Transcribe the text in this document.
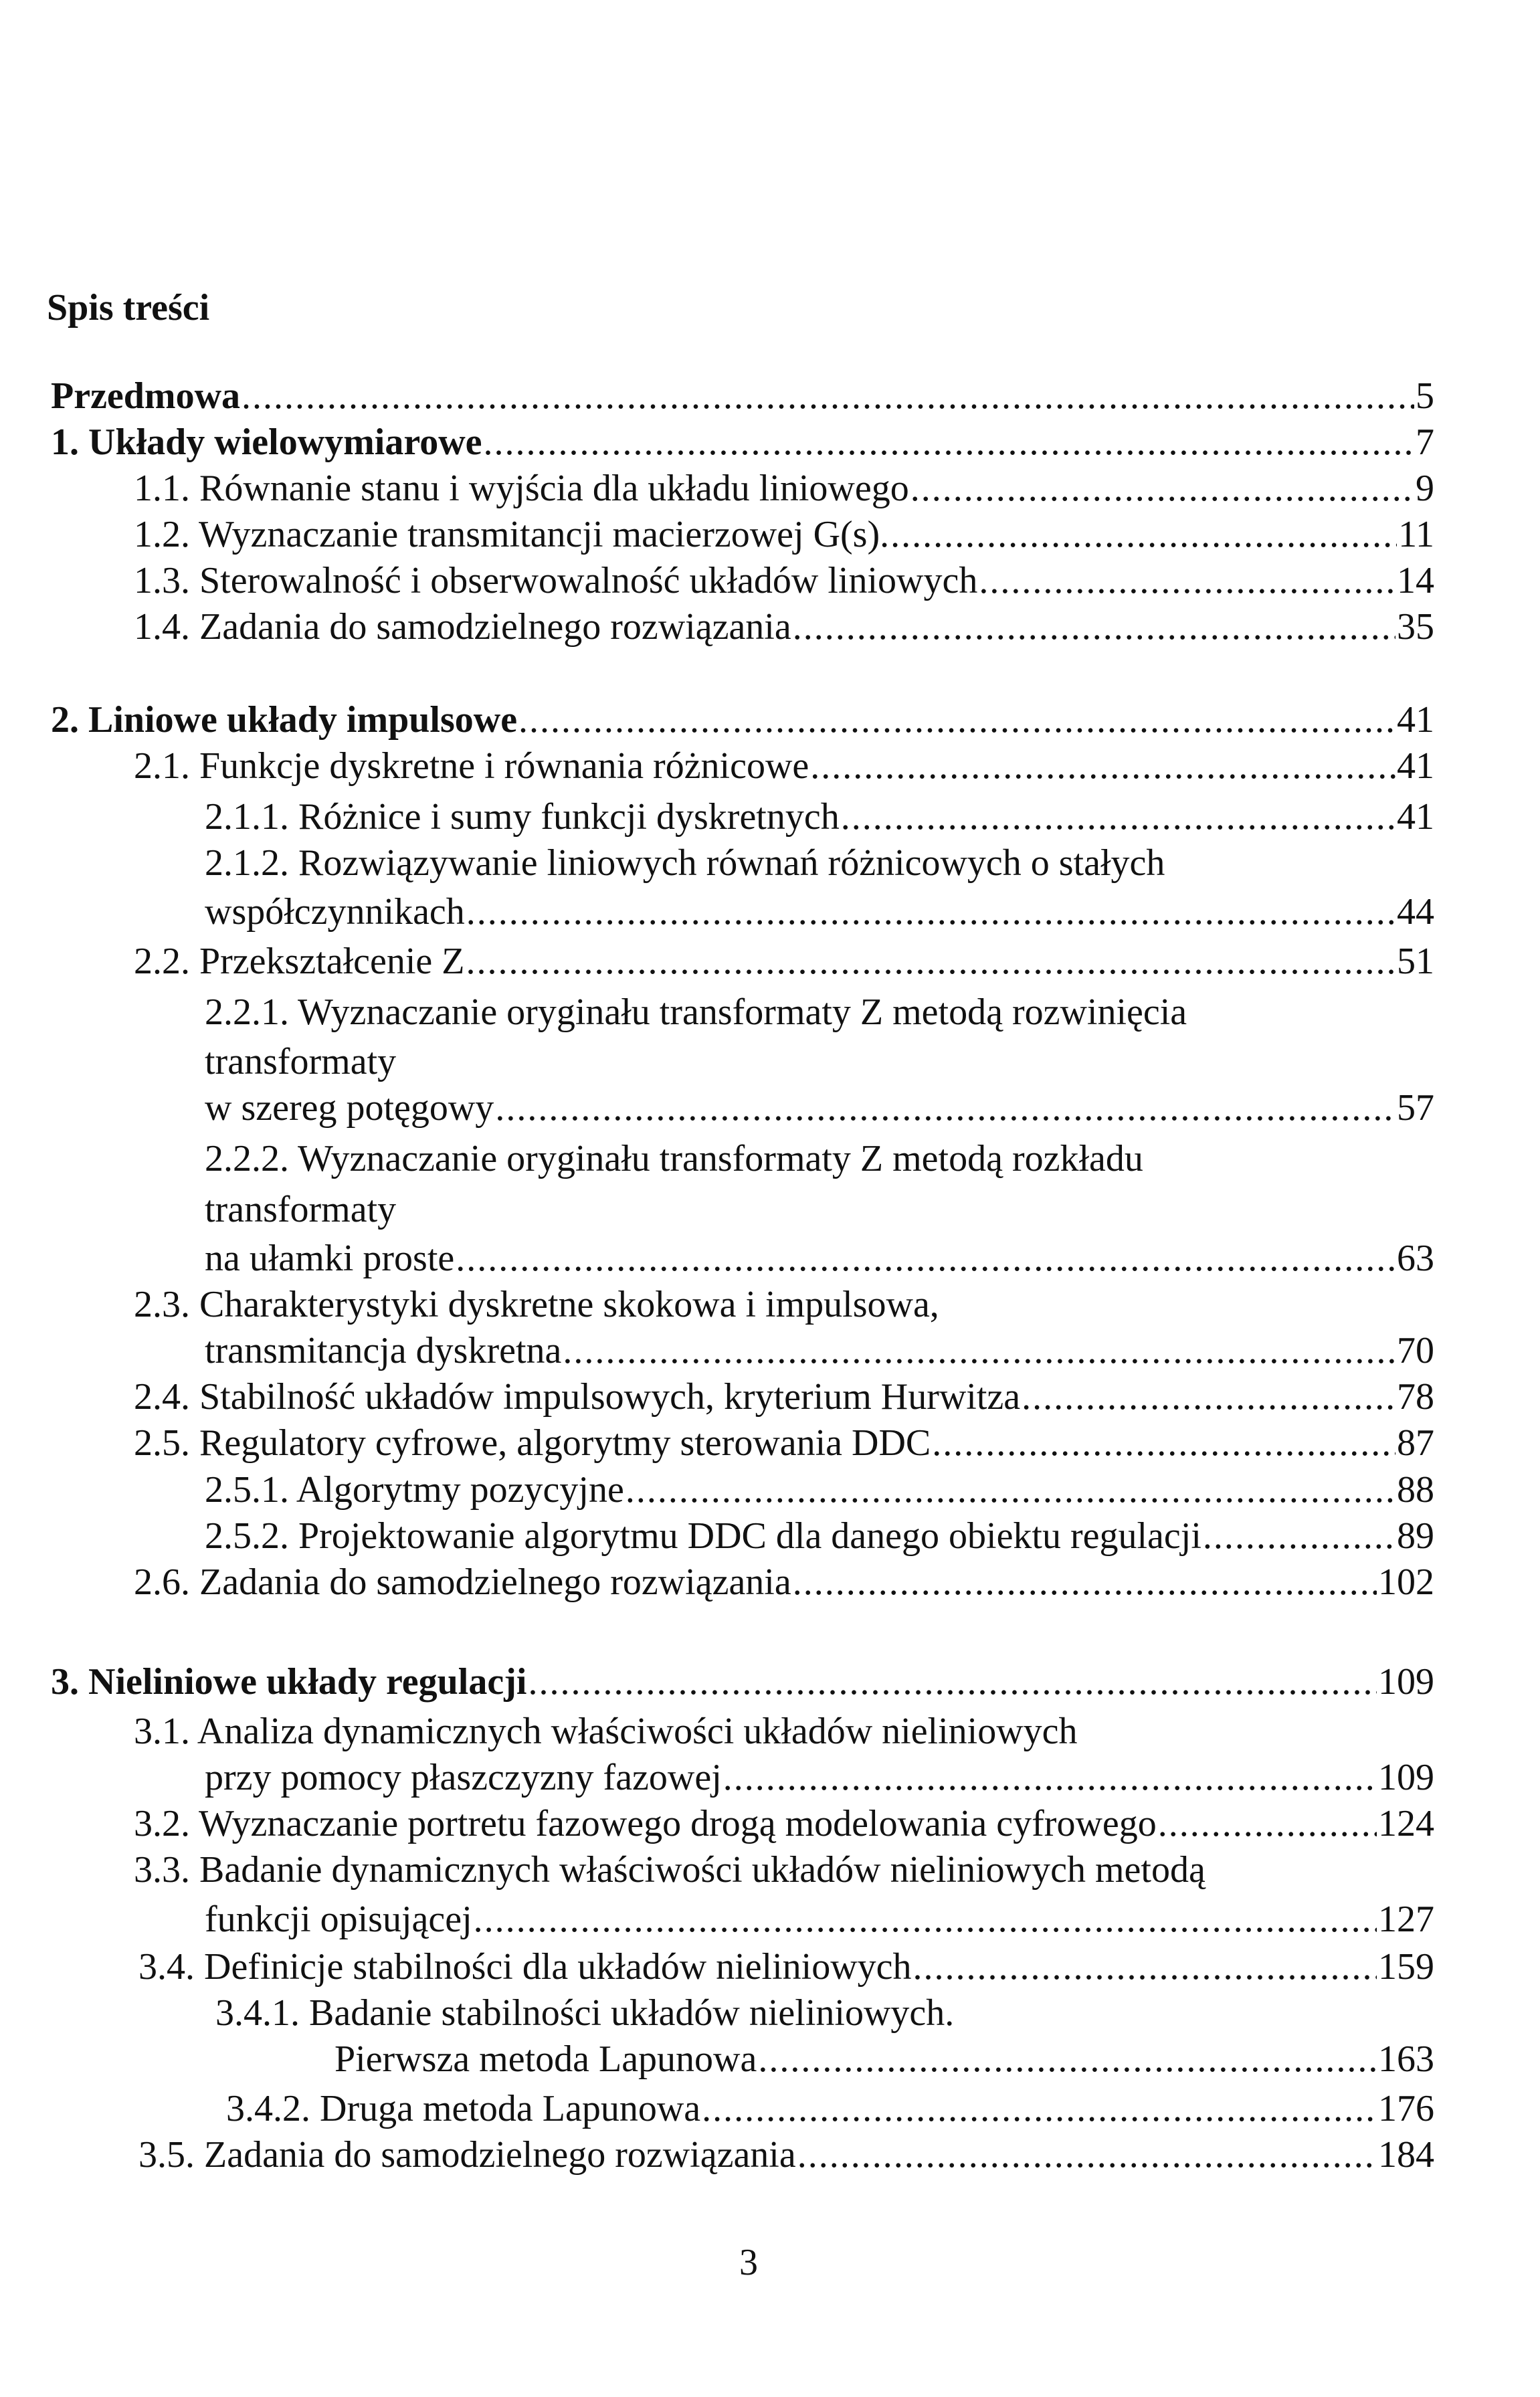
Spis treści
Przedmowa .....	5
1. Układy wielowymiarowe .....	7
1.1. Równanie stanu i wyjścia dla układu liniowego .....	9
1.2. Wyznaczanie transmitancji macierzowej G(s). .....	11
1.3. Sterowalność i obserwowalność układów liniowych .....	14
1.4. Zadania do samodzielnego rozwiązania .....	35
2. Liniowe układy impulsowe .....	41
2.1. Funkcje dyskretne i równania różnicowe .....	41
2.1.1. Różnice i sumy funkcji dyskretnych .....	41
2.1.2. Rozwiązywanie liniowych równań różnicowych o stałych
współczynnikach .....	44
2.2. Przekształcenie Z .....	51
2.2.1. Wyznaczanie oryginału transformaty Z metodą rozwinięcia
transformaty
w szereg potęgowy .....	57
2.2.2. Wyznaczanie oryginału transformaty Z metodą rozkładu
transformaty
na ułamki proste .....	63
2.3. Charakterystyki dyskretne skokowa i impulsowa,
transmitancja dyskretna .....	70
2.4. Stabilność układów impulsowych, kryterium Hurwitza .....	78
2.5. Regulatory cyfrowe, algorytmy sterowania DDC .....	87
2.5.1. Algorytmy pozycyjne .....	88
2.5.2. Projektowanie algorytmu DDC dla danego obiektu regulacji .....	89
2.6. Zadania do samodzielnego rozwiązania .....	102
3. Nieliniowe układy regulacji .....	109
3.1. Analiza dynamicznych właściwości układów nieliniowych
przy pomocy płaszczyzny fazowej .....	109
3.2. Wyznaczanie portretu fazowego drogą modelowania cyfrowego .....	124
3.3. Badanie dynamicznych właściwości układów nieliniowych metodą
funkcji opisującej .....	127
3.4. Definicje stabilności dla układów nieliniowych .....	159
3.4.1. Badanie stabilności układów nieliniowych.
Pierwsza metoda Lapunowa .....	163
3.4.2. Druga metoda Lapunowa .....	176
3.5. Zadania do samodzielnego rozwiązania .....	184
3
